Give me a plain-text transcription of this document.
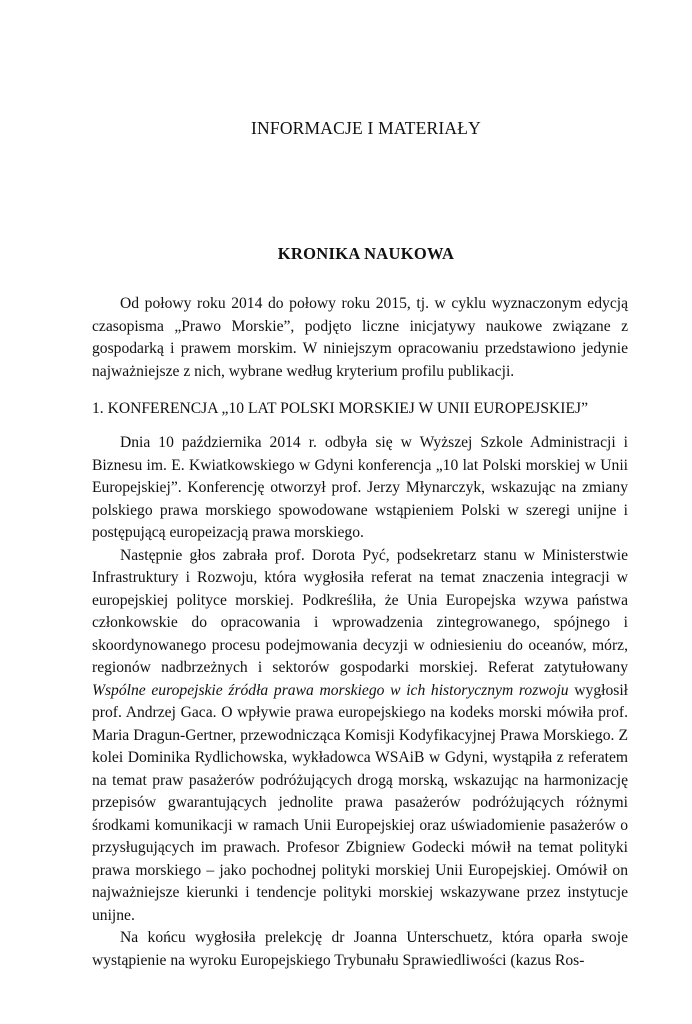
INFORMACJE I MATERIAŁY
KRONIKA NAUKOWA

Od połowy roku 2014 do połowy roku 2015, tj. w cyklu wyznaczonym edycją czasopisma „Prawo Morskie”, podjęto liczne inicjatywy naukowe związane z gospodarką i prawem morskim. W niniejszym opracowaniu przedstawiono jedynie najważniejsze z nich, wybrane według kryterium profilu publikacji.

1. KONFERENCJA „10 LAT POLSKI MORSKIEJ W UNII EUROPEJSKIEJ”

Dnia 10 października 2014 r. odbyła się w Wyższej Szkole Administracji i Biznesu im. E. Kwiatkowskiego w Gdyni konferencja „10 lat Polski morskiej w Unii Europejskiej”. Konferencję otworzył prof. Jerzy Młynarczyk, wskazując na zmiany polskiego prawa morskiego spowodowane wstąpieniem Polski w szeregi unijne i postępującą europeizacją prawa morskiego.

Następnie głos zabrała prof. Dorota Pyć, podsekretarz stanu w Ministerstwie Infrastruktury i Rozwoju, która wygłosiła referat na temat znaczenia integracji w europejskiej polityce morskiej. Podkreśliła, że Unia Europejska wzywa państwa członkowskie do opracowania i wprowadzenia zintegrowanego, spójnego i skoordynowanego procesu podejmowania decyzji w odniesieniu do oceanów, mórz, regionów nadbrzeżnych i sektorów gospodarki morskiej. Referat zatytułowany Wspólne europejskie źródła prawa morskiego w ich historycznym rozwoju wygłosił prof. Andrzej Gaca. O wpływie prawa europejskiego na kodeks morski mówiła prof. Maria Dragun-Gertner, przewodnicząca Komisji Kodyfikacyjnej Prawa Morskiego. Z kolei Dominika Rydlichowska, wykładowca WSAiB w Gdyni, wystąpiła z referatem na temat praw pasażerów podróżujących drogą morską, wskazując na harmonizację przepisów gwarantujących jednolite prawa pasażerów podróżujących różnymi środkami komunikacji w ramach Unii Europejskiej oraz uświadomienie pasażerów o przysługujących im prawach. Profesor Zbigniew Godecki mówił na temat polityki prawa morskiego – jako pochodnej polityki morskiej Unii Europejskiej. Omówił on najważniejsze kierunki i tendencje polityki morskiej wskazywane przez instytucje unijne.

Na końcu wygłosiła prelekcję dr Joanna Unterschuetz, która oparła swoje wystąpienie na wyroku Europejskiego Trybunału Sprawiedliwości (kazus Ros-
